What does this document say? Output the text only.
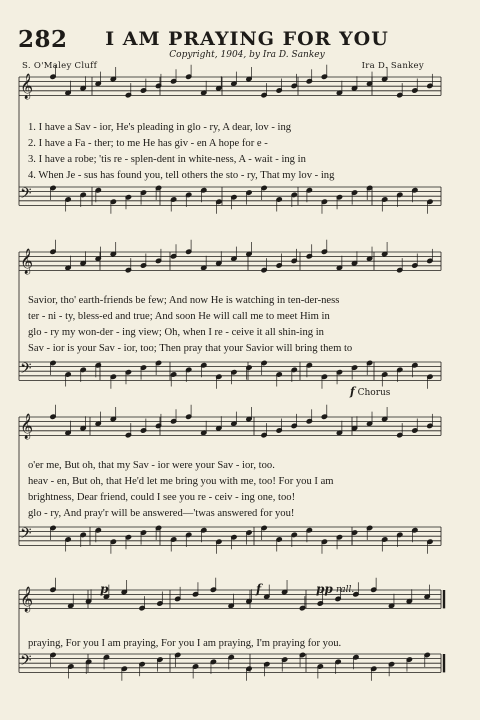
282	I AM PRAYING FOR YOU
Copyright, 1904, by Ira D. Sankey
S. O'Maley Cluff	Ira D. Sankey
𝄞
𝄢
𝄞
𝄢
𝄞
𝄢
𝄞
𝄢
1. I have a Sav - ior, He's pleading in glo - ry, A dear, lov - ing
2. I have a Fa - ther; to me He has giv - en A hope for e -
3. I have a robe; 'tis re - splen-dent in white-ness, A - wait - ing in
4. When Je - sus has found you, tell others the sto - ry, That my lov - ing
Savior, tho' earth-friends be few; And now He is watching in ten-der-ness
ter - ni - ty, bless-ed and true; And soon He will call me to meet Him in
glo - ry my won-der - ing view; Oh, when I re - ceive it all shin-ing in
Sav - ior is your Sav - ior, too; Then pray that your Savior will bring them to
o'er me, But oh, that my Sav - ior were your Sav - ior, too.
heav - en, But oh, that He'd let me bring you with me, too! For you I am
brightness, Dear friend, could I see you re - ceiv - ing one, too!
glo - ry, And pray'r will be answered—'twas answered for you!
praying, For you I am praying, For you I am praying, I'm praying for you.
f Chorus
p	f	pp rall.
